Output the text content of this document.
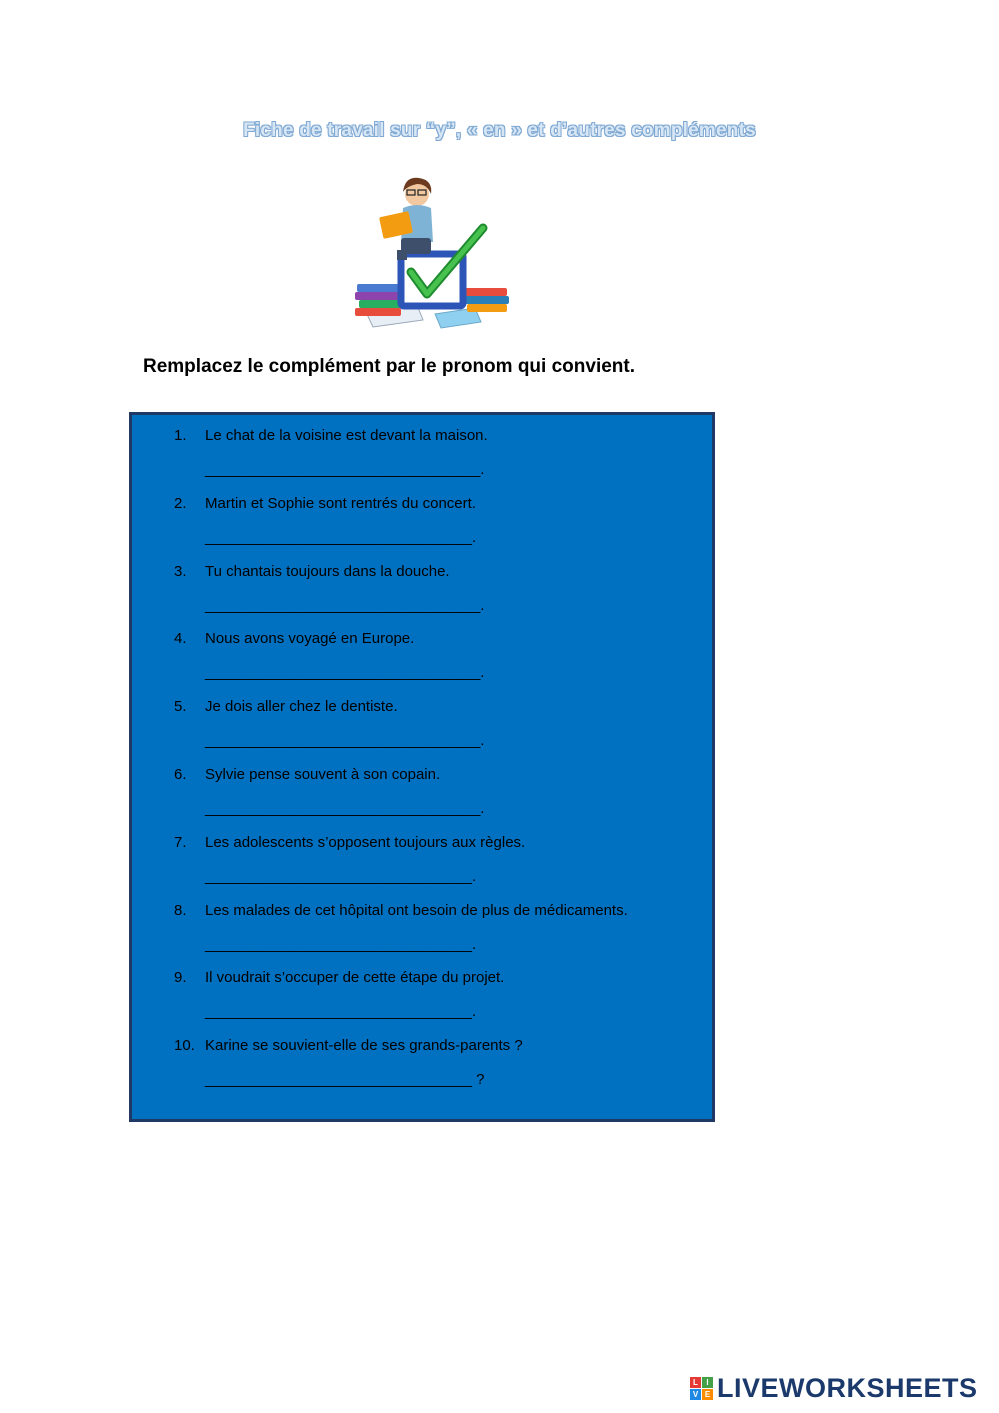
Fiche de travail sur “y”, « en » et d’autres compléments
Remplacez le complément par le pronom qui convient.
1. Le chat de la voisine est devant la maison.
_________________________________.
2. Martin et Sophie sont rentrés du concert.
________________________________.
3. Tu chantais toujours dans la douche.
_________________________________.
4. Nous avons voyagé en Europe.
_________________________________.
5. Je dois aller chez le dentiste.
_________________________________.
6. Sylvie pense souvent à son copain.
_________________________________.
7. Les adolescents s’opposent toujours aux règles.
________________________________.
8. Les malades de cet hôpital ont besoin de plus de médicaments.
________________________________.
9. Il voudrait s’occuper de cette étape du projet.
________________________________.
10. Karine se souvient-elle de ses grands-parents ?
________________________________ ?
L	I
V E LIVEWORKSHEETS
